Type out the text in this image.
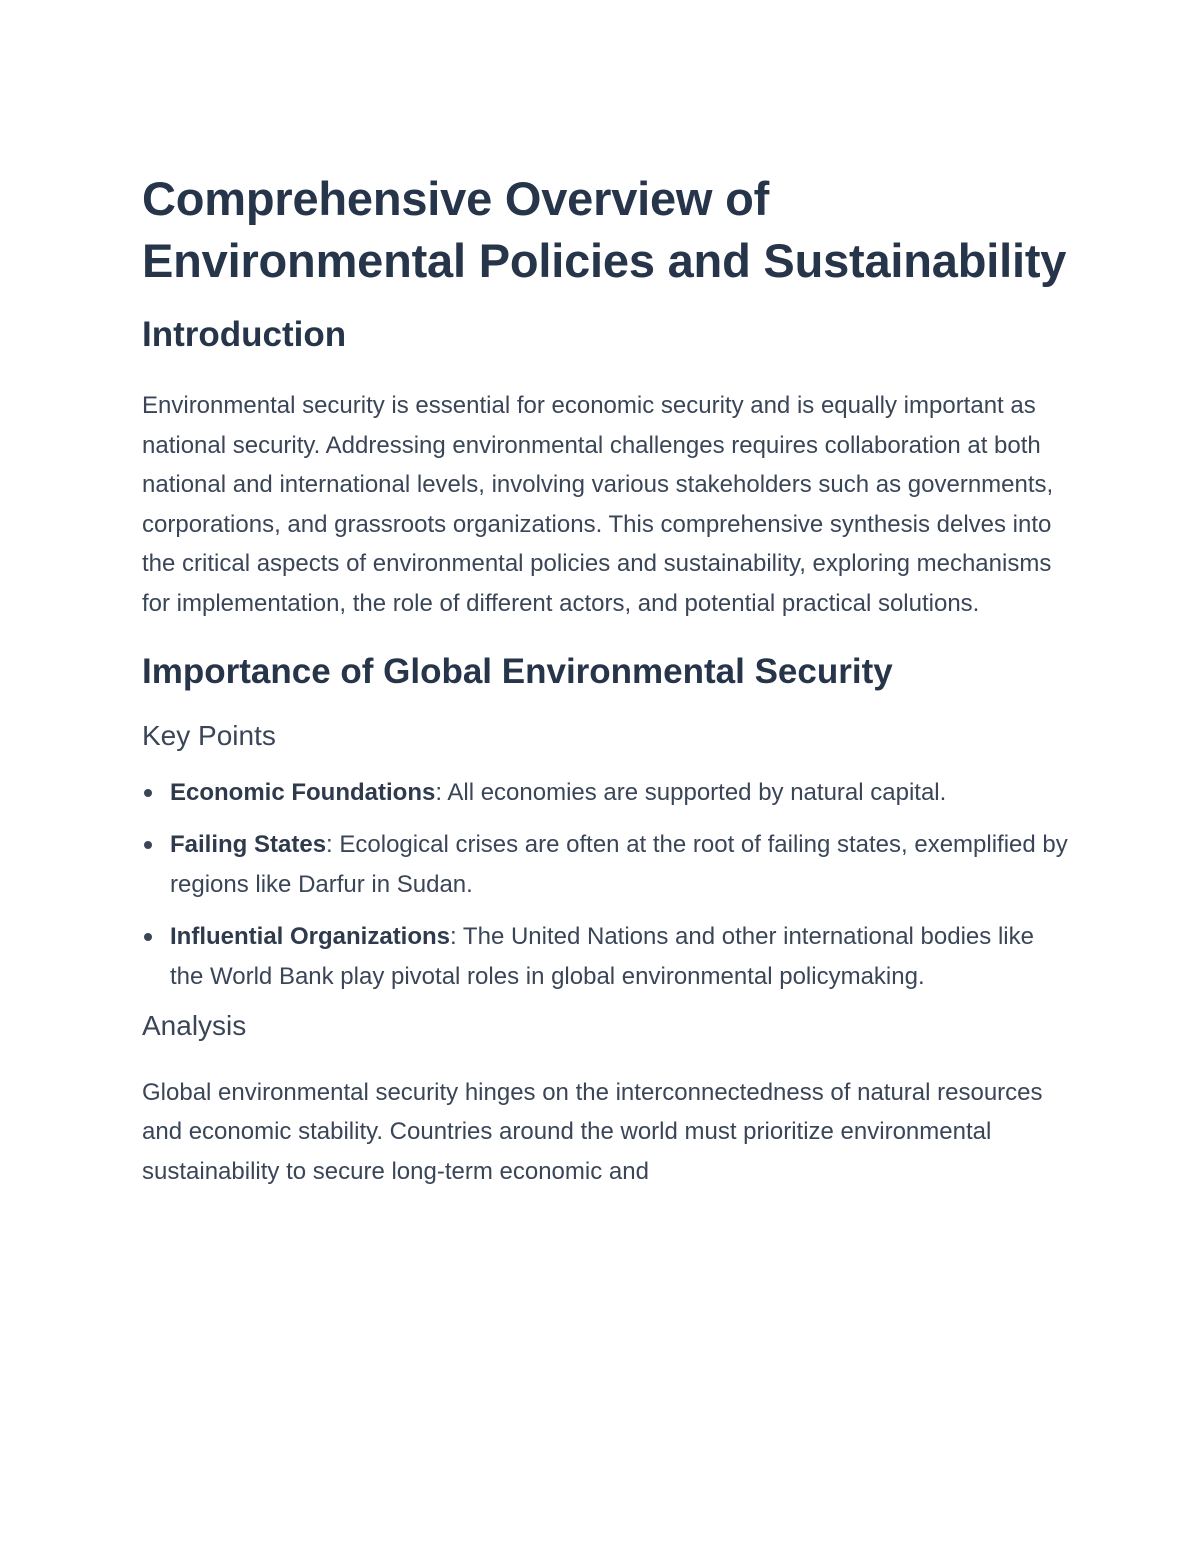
Comprehensive Overview of Environmental Policies and Sustainability
Introduction

Environmental security is essential for economic security and is equally important as national security. Addressing environmental challenges requires collaboration at both national and international levels, involving various stakeholders such as governments, corporations, and grassroots organizations. This comprehensive synthesis delves into the critical aspects of environmental policies and sustainability, exploring mechanisms for implementation, the role of different actors, and potential practical solutions.

Importance of Global Environmental Security
Key Points
Economic Foundations: All economies are supported by natural capital.
Failing States: Ecological crises are often at the root of failing states, exemplified by regions like Darfur in Sudan.
Influential Organizations: The United Nations and other international bodies like the World Bank play pivotal roles in global environmental policymaking.
Analysis

Global environmental security hinges on the interconnectedness of natural resources and economic stability. Countries around the world must prioritize environmental sustainability to secure long-term economic and
